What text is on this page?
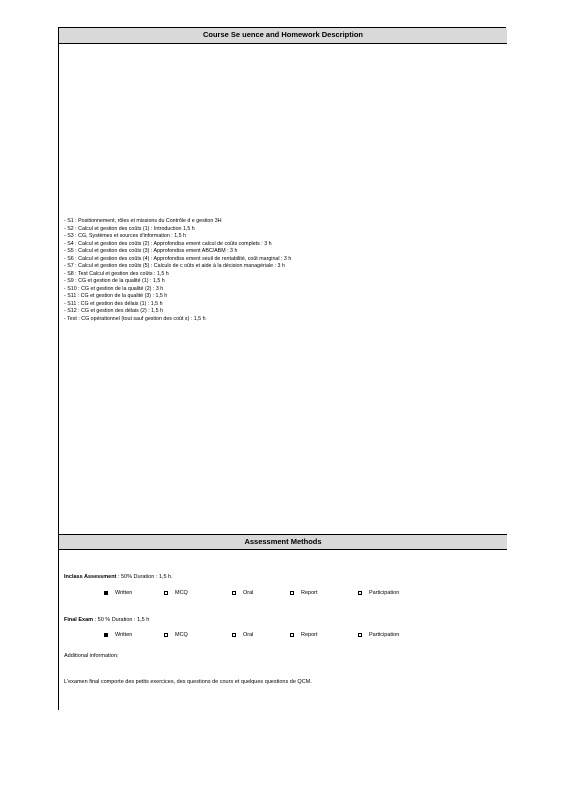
Course Se uence and Homework Description
- S1 : Positionnement, rôles et missions du Contrôle d e gestion 3H
- S2 : Calcul et gestion des coûts (1) : Introduction 1,5 h
- S3 : CG, Systèmes et sources d'information : 1,5 h
- S4 : Calcul et gestion des coûts (2) : Approfondiss ement calcul de coûts complets : 3 h
- S5 : Calcul et gestion des coûts (3) : Approfondiss ement ABC/ABM : 3 h
- S6 : Calcul et gestion des coûts (4) : Approfondiss ement seuil de rentabilité, coût marginal : 3 h
- S7 : Calcul et gestion des coûts (5) : Calculs de c oûts et aide à la décision managériale : 3 h
- S8 : Test Calcul et gestion des coûts : 1,5 h
- S9 : CG et gestion de la qualité (1) : 1,5 h
- S10 : CG et gestion de la qualité (2) : 3 h
- S11 : CG et gestion de la qualité (3) : 1,5 h
- S11 : CG et gestion des délais (1) : 1,5 h
- S12 : CG et gestion des délais (2) : 1,5 h
- Test : CG opérationnel (tout sauf gestion des coût s) : 1,5 h
Assessment Methods
Inclass Assessment : 50% Duration : 1,5 h.
Written	MCQ	Oral	Report	Participation
Final Exam : 50 % Duration : 1,5 h
Written	MCQ	Oral	Report	Participation
Additional information:
L'examen final comporte des petits exercices, des questions de cours et quelques questions de QCM.
